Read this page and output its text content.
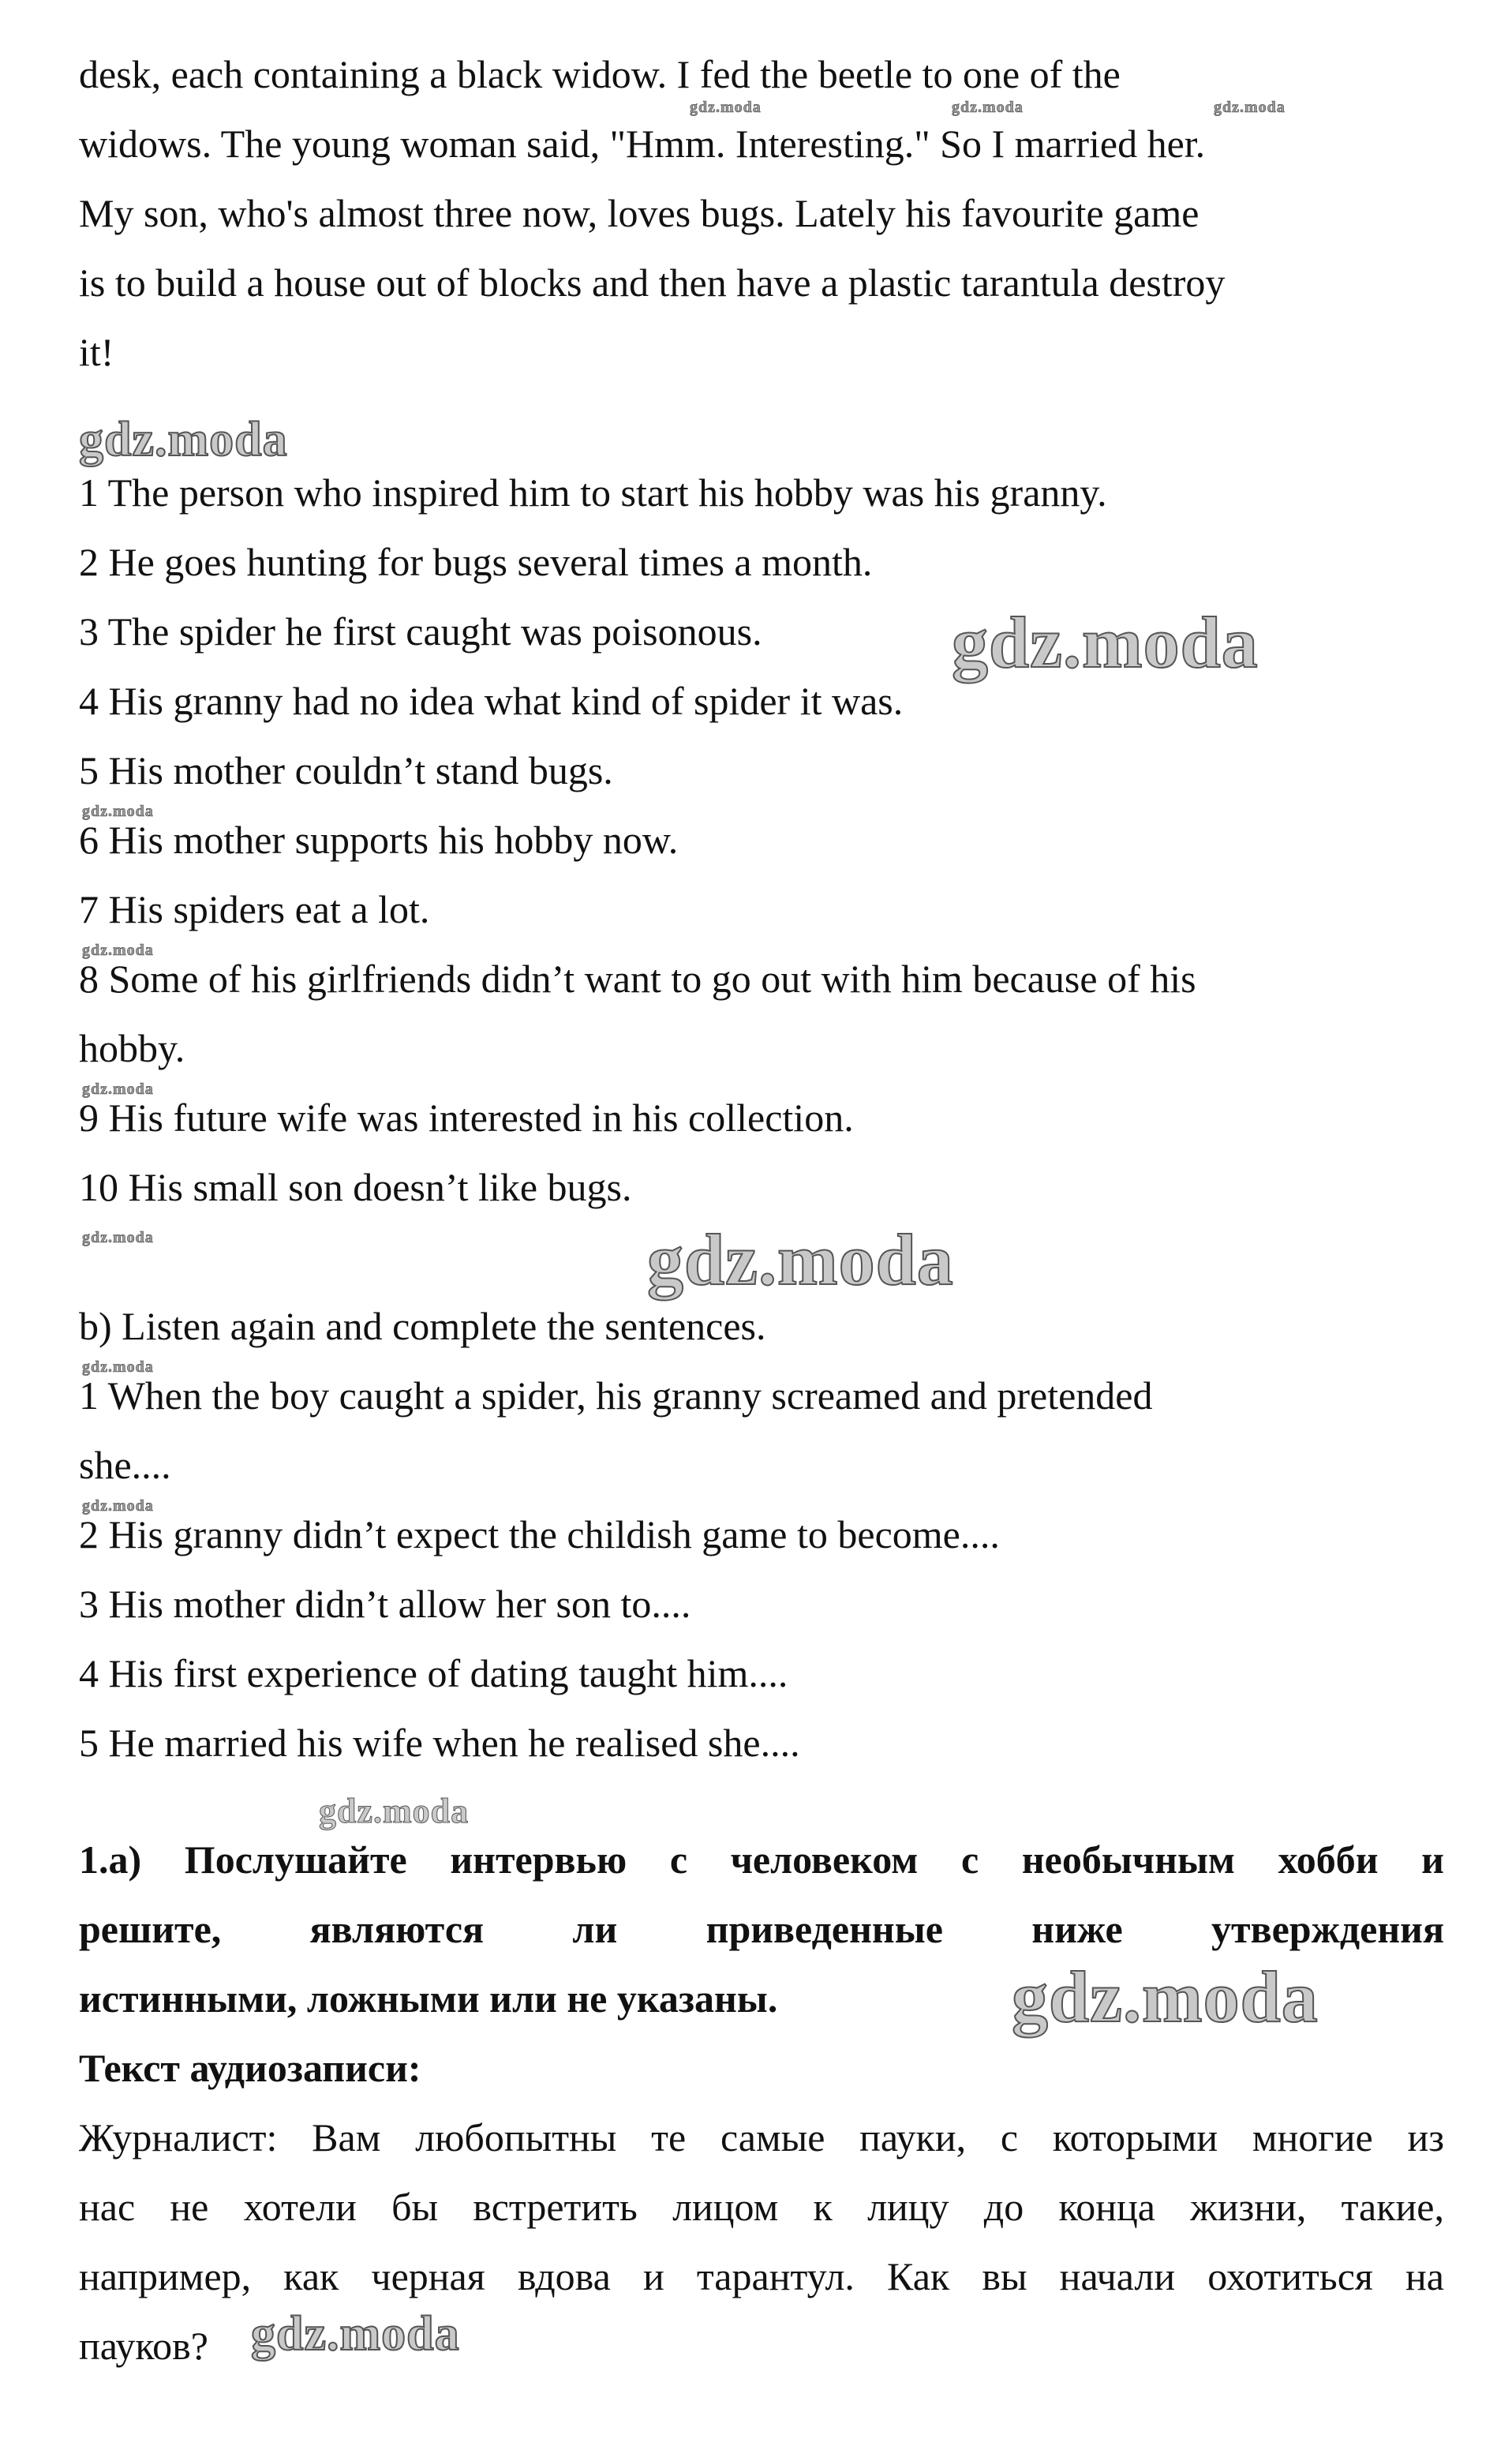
desk, each containing a black widow. I fed the beetle to one of the
widows. The young woman said, "Hmm. Interesting." So I married her.
My son, who's almost three now, loves bugs. Lately his favourite game
is to build a house out of blocks and then have a plastic tarantula destroy
it!
1 The person who inspired him to start his hobby was his granny.
2 He goes hunting for bugs several times a month.
3 The spider he first caught was poisonous.
4 His granny had no idea what kind of spider it was.
5 His mother couldn’t stand bugs.
6 His mother supports his hobby now.
7 His spiders eat a lot.
8 Some of his girlfriends didn’t want to go out with him because of his
hobby.
9 His future wife was interested in his collection.
10 His small son doesn’t like bugs.
b) Listen again and complete the sentences.
1 When the boy caught a spider, his granny screamed and pretended
she....
2 His granny didn’t expect the childish game to become....
3 His mother didn’t allow her son to....
4 His first experience of dating taught him....
5 He married his wife when he realised she....
1.а) Послушайте интервью с человеком с необычным хобби и
решите, являются ли приведенные ниже утверждения
истинными, ложными или не указаны.
Текст аудиозаписи:
Журналист: Вам любопытны те самые пауки, с которыми многие из
нас не хотели бы встретить лицом к лицу до конца жизни, такие,
например, как черная вдова и тарантул. Как вы начали охотиться на
пауков?
gdz.moda	gdz.moda	gdz.moda
gdz.moda
gdz.moda
gdz.moda
gdz.moda
gdz.moda
gdz.moda	gdz.moda
gdz.moda
gdz.moda
gdz.moda
gdz.moda
gdz.moda
